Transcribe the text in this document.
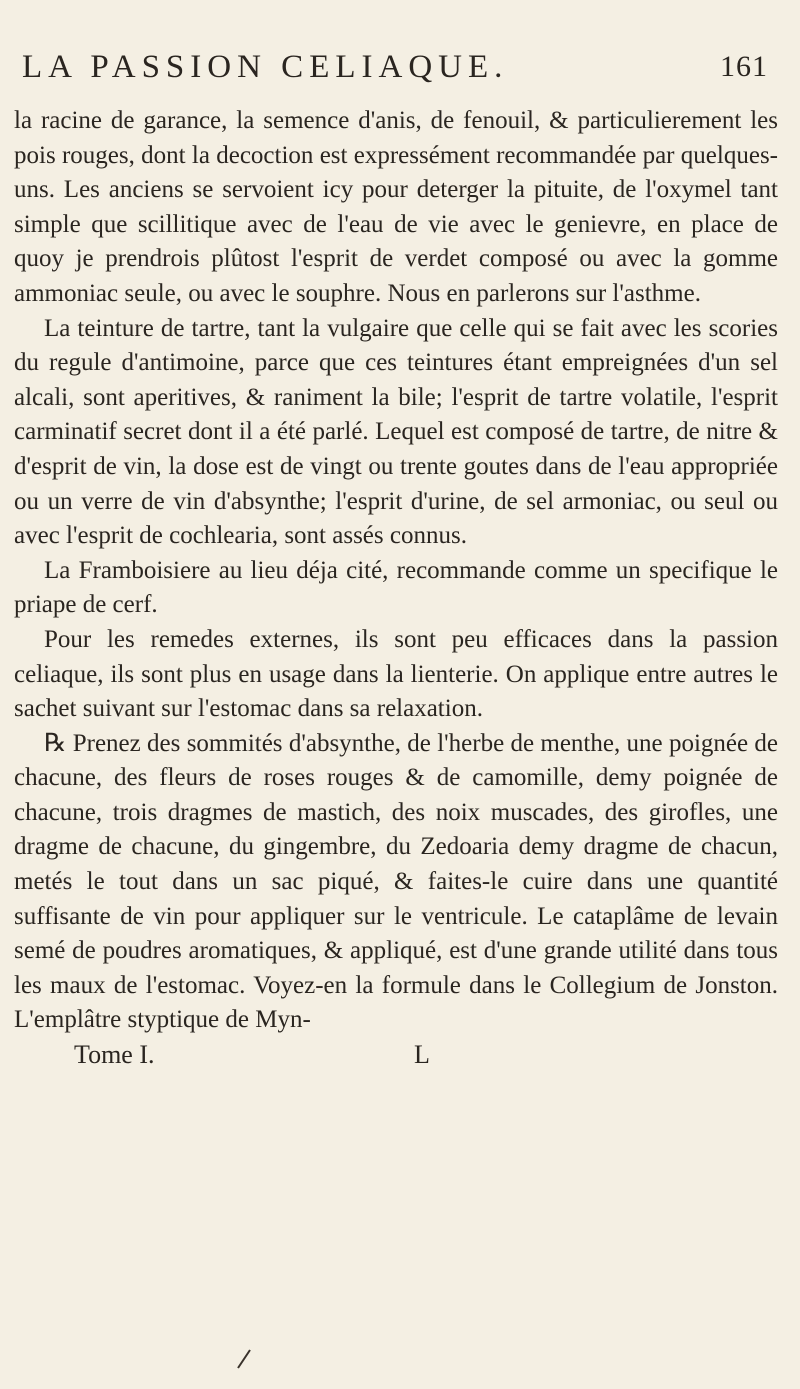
LA PASSION CELIAQUE.	161

la racine de garance, la semence d'anis, de fenouil, & particulierement les pois rouges, dont la decoction est expressément recommandée par quelques-uns. Les anciens se servoient icy pour deterger la pituite, de l'oxymel tant simple que scillitique avec de l'eau de vie avec le genievre, en place de quoy je prendrois plûtost l'esprit de verdet composé ou avec la gomme ammoniac seule, ou avec le souphre. Nous en parlerons sur l'asthme.

La teinture de tartre, tant la vulgaire que celle qui se fait avec les scories du regule d'antimoine, parce que ces teintures étant empreignées d'un sel alcali, sont aperitives, & raniment la bile; l'esprit de tartre volatile, l'esprit carminatif secret dont il a été parlé. Lequel est composé de tartre, de nitre & d'esprit de vin, la dose est de vingt ou trente goutes dans de l'eau appropriée ou un verre de vin d'absynthe; l'esprit d'urine, de sel armoniac, ou seul ou avec l'esprit de cochlearia, sont assés connus.

La Framboisiere au lieu déja cité, recommande comme un specifique le priape de cerf.

Pour les remedes externes, ils sont peu efficaces dans la passion celiaque, ils sont plus en usage dans la lienterie. On applique entre autres le sachet suivant sur l'estomac dans sa relaxation.

℞ Prenez des sommités d'absynthe, de l'herbe de menthe, une poignée de chacune, des fleurs de roses rouges & de camomille, demy poignée de chacune, trois dragmes de mastich, des noix muscades, des girofles, une dragme de chacune, du gingembre, du Zedoaria demy dragme de chacun, metés le tout dans un sac piqué, & faites-le cuire dans une quantité suffisante de vin pour appliquer sur le ventricule. Le cataplâme de levain semé de poudres aromatiques, & appliqué, est d'une grande utilité dans tous les maux de l'estomac. Voyez-en la formule dans le Collegium de Jonston. L'emplâtre styptique de Myn-

Tome I.	L
